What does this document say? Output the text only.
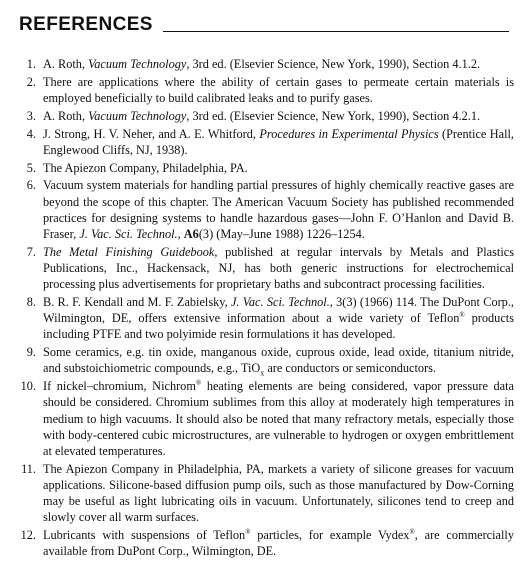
REFERENCES
1. A. Roth, Vacuum Technology, 3rd ed. (Elsevier Science, New York, 1990), Section 4.1.2.
2. There are applications where the ability of certain gases to permeate certain materials is employed beneficially to build calibrated leaks and to purify gases.
3. A. Roth, Vacuum Technology, 3rd ed. (Elsevier Science, New York, 1990), Section 4.2.1.
4. J. Strong, H. V. Neher, and A. E. Whitford, Procedures in Experimental Physics (Prentice Hall, Englewood Cliffs, NJ, 1938).
5. The Apiezon Company, Philadelphia, PA.
6. Vacuum system materials for handling partial pressures of highly chemically reactive gases are beyond the scope of this chapter. The American Vacuum Society has published recommended practices for designing systems to handle hazardous gases—John F. O’Hanlon and David B. Fraser, J. Vac. Sci. Technol., A6(3) (May–June 1988) 1226–1254.
7. The Metal Finishing Guidebook, published at regular intervals by Metals and Plastics Publications, Inc., Hackensack, NJ, has both generic instructions for electrochemical processing plus advertisements for proprietary baths and subcontract processing facilities.
8. B. R. F. Kendall and M. F. Zabielsky, J. Vac. Sci. Technol., 3(3) (1966) 114. The DuPont Corp., Wilmington, DE, offers extensive information about a wide variety of Teflon® products including PTFE and two polyimide resin formulations it has developed.
9. Some ceramics, e.g. tin oxide, manganous oxide, cuprous oxide, lead oxide, titanium nitride, and substoichiometric compounds, e.g., TiO$_x$ are conductors or semiconductors.
10. If nickel–chromium, Nichrom® heating elements are being considered, vapor pressure data should be considered. Chromium sublimes from this alloy at moderately high temperatures in medium to high vacuums. It should also be noted that many refractory metals, especially those with body-centered cubic microstructures, are vulnerable to hydrogen or oxygen embrittlement at elevated temperatures.
11. The Apiezon Company in Philadelphia, PA, markets a variety of silicone greases for vacuum applications. Silicone-based diffusion pump oils, such as those manufactured by Dow-Corning may be useful as light lubricating oils in vacuum. Unfortunately, silicones tend to creep and slowly cover all warm surfaces.
12. Lubricants with suspensions of Teflon® particles, for example Vydex®, are commercially available from DuPont Corp., Wilmington, DE.
